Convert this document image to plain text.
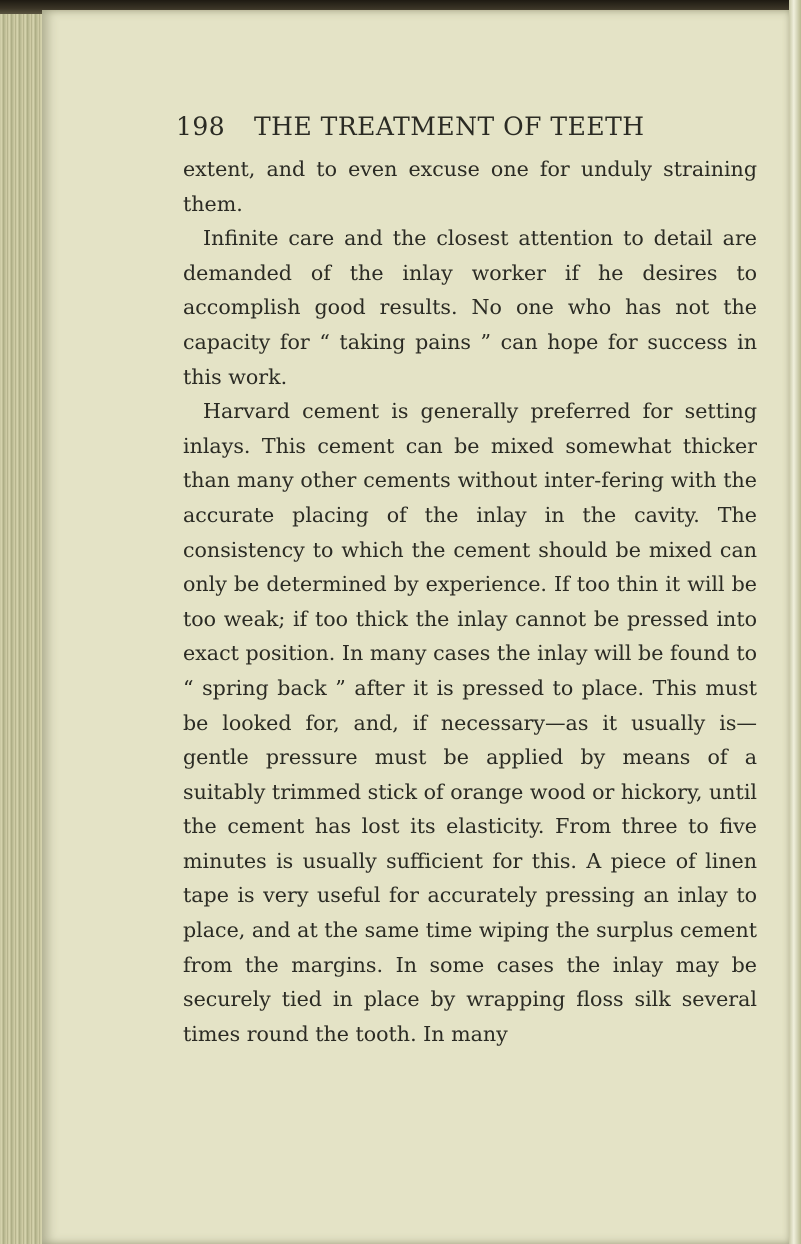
198 THE TREATMENT OF TEETH

extent, and to even excuse one for unduly straining them.

Infinite care and the closest attention to detail are demanded of the inlay worker if he desires to accomplish good results. No one who has not the capacity for “ taking pains ” can hope for success in this work.

Harvard cement is generally preferred for setting inlays. This cement can be mixed somewhat thicker than many other cements without inter-fering with the accurate placing of the inlay in the cavity. The consistency to which the cement should be mixed can only be determined by experience. If too thin it will be too weak; if too thick the inlay cannot be pressed into exact position. In many cases the inlay will be found to “ spring back ” after it is pressed to place. This must be looked for, and, if necessary—as it usually is—gentle pressure must be applied by means of a suitably trimmed stick of orange wood or hickory, until the cement has lost its elasticity. From three to five minutes is usually sufficient for this. A piece of linen tape is very useful for accurately pressing an inlay to place, and at the same time wiping the surplus cement from the margins. In some cases the inlay may be securely tied in place by wrapping floss silk several times round the tooth. In many
